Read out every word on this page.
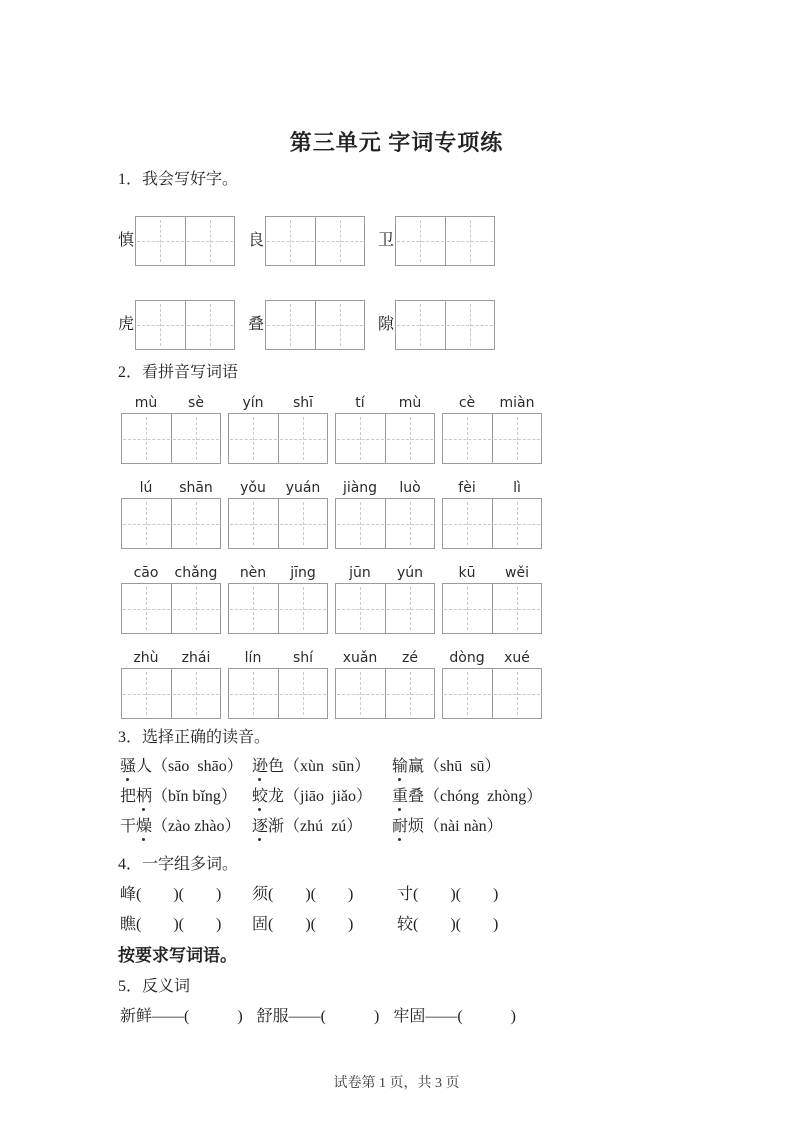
第三单元 字词专项练
1．我会写好字。
慎	良	卫
虎	叠	隙
2．看拼音写词语
mù	sè	yín	shī	tí	mù	cè	miàn
lú	shān	yǒu	yuán	jiàng	luò	fèi	lì
cāo	chǎng	nèn	jīng	jūn	yún	kū	wěi
zhù	zhái	lín	shí	xuǎn	zé	dòng	xué
3．选择正确的读音。
骚人（sāo  shāo） 逊色（xùn  sūn）	输赢（shū  sū）
把柄（bǐn bǐng） 蛟龙（jiāo  jiǎo）	重叠（chóng  zhòng）
干燥（zào zhào） 逐渐（zhú  zú）	耐烦（nài nàn）
4．一字组多词。
峰(　　)(　　)	须(　　)(　　)	寸(　　)(　　)
瞧(　　)(　　)	固(　　)(　　)	较(　　)(　　)
按要求写词语。
5．反义词
新鲜——(　　　) 舒服——(　　　) 牢固——(　　　)
试卷第 1 页，共 3 页
